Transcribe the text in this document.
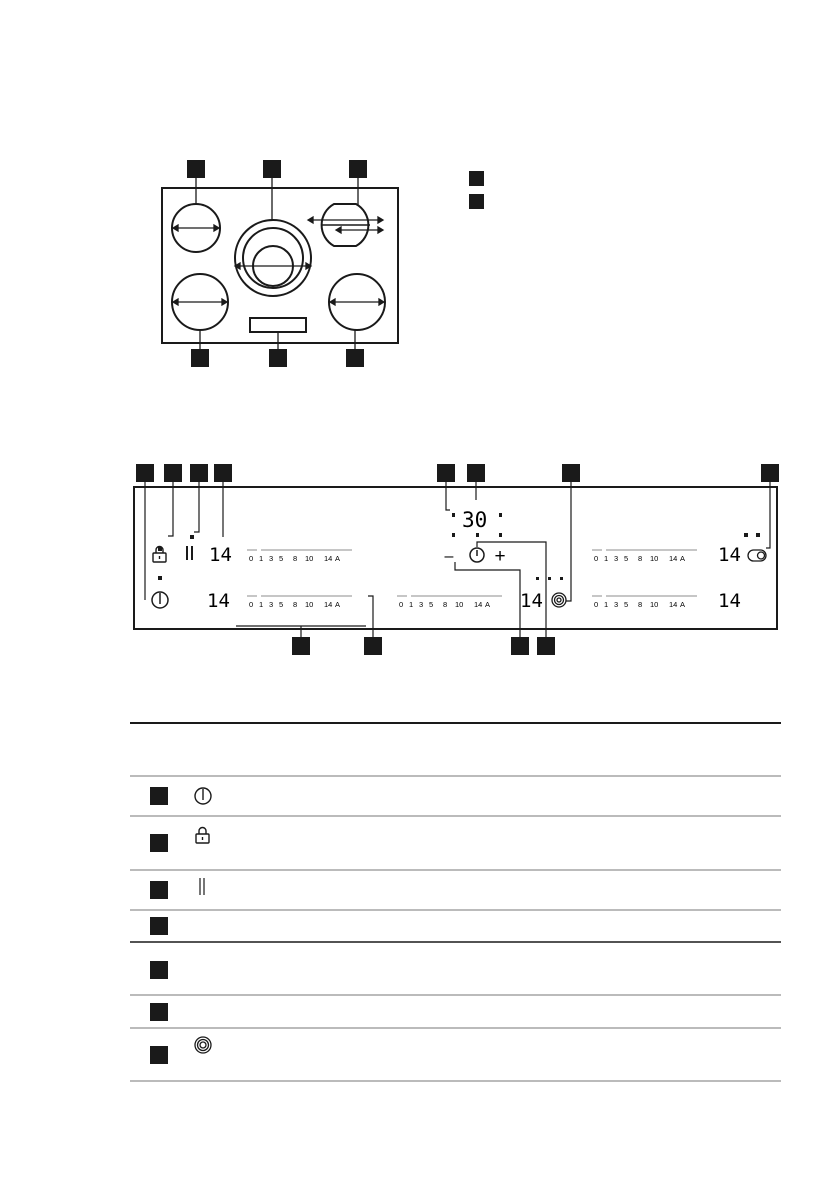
– +
14
14	14
14
14
30
0 1 3 5 8 10 14 A
0 1 3 5 8 10 14 A	0 1 3 5 8 10 14 A
0 1 3 5 8 10 14 A
0 1 3 5 8 10 14 A
